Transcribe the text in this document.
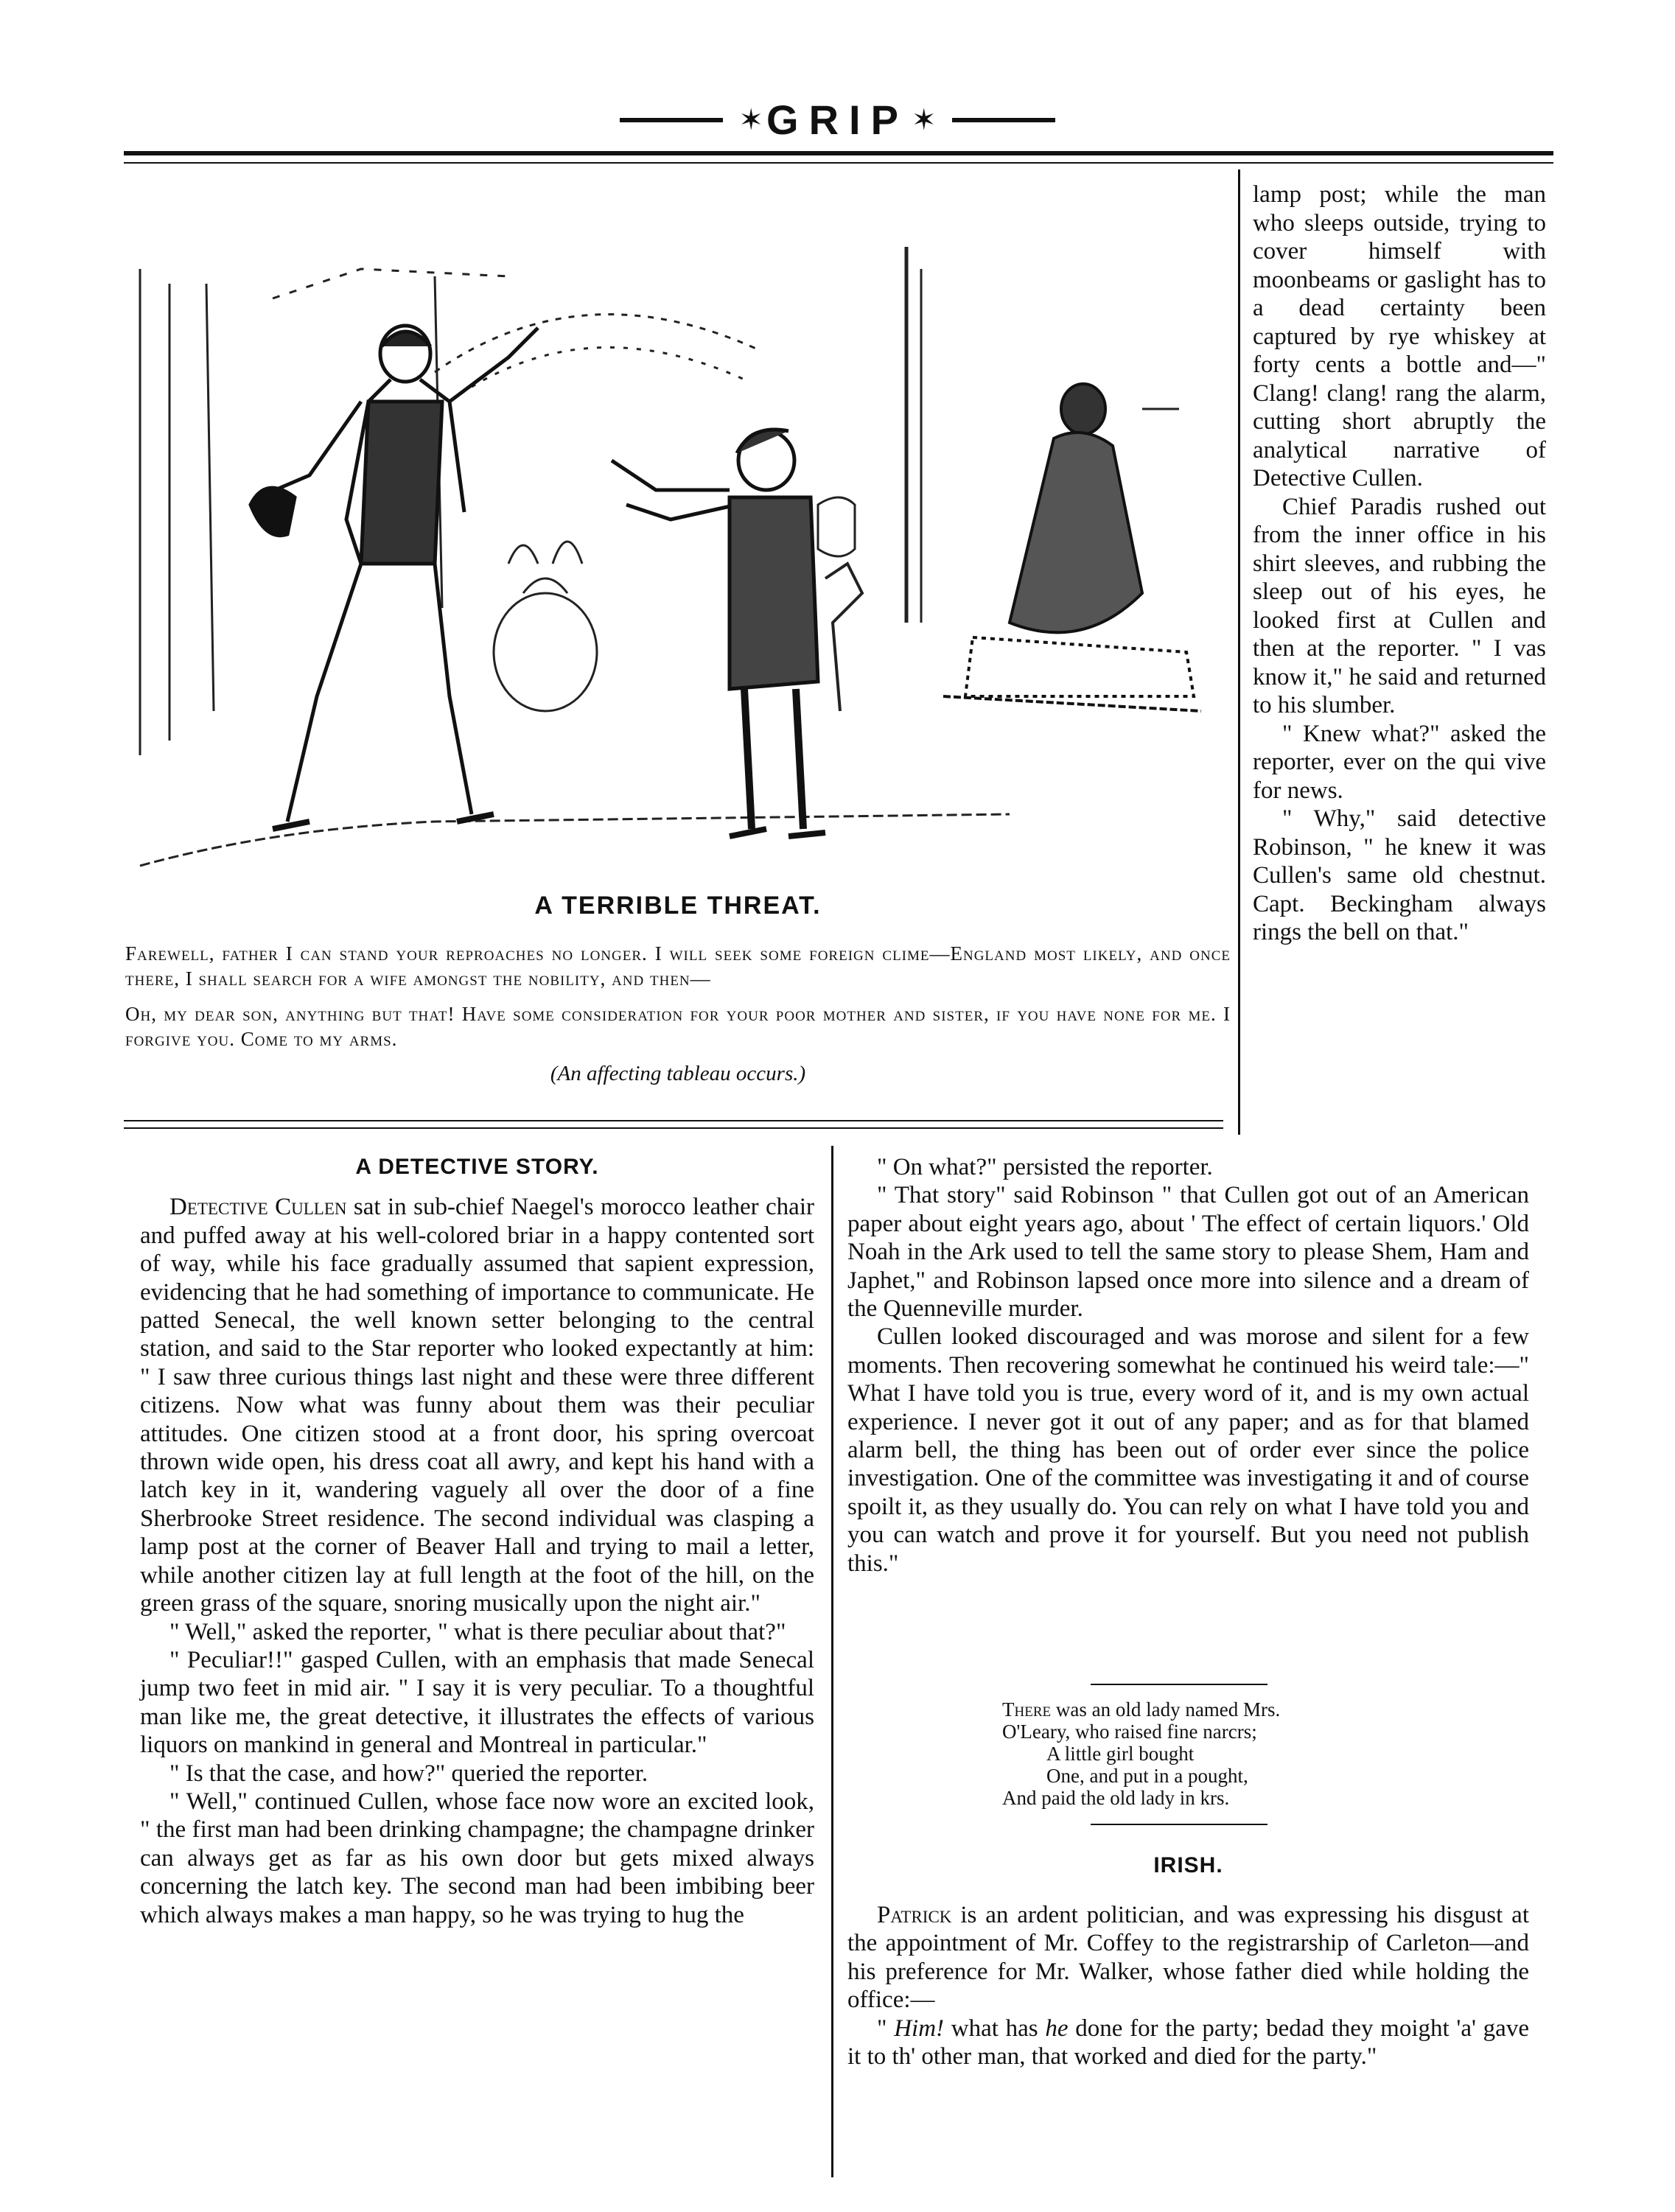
✶ GRIP ✶
A TERRIBLE THREAT.

Farewell, father I can stand your reproaches no longer. I will seek some foreign clime—England most likely, and once there, I shall search for a wife amongst the nobility, and then—

Oh, my dear son, anything but that! Have some consideration for your poor mother and sister, if you have none for me. I forgive you. Come to my arms.

(An affecting tableau occurs.)

lamp post; while the man who sleeps outside, trying to cover himself with moonbeams or gaslight has to a dead certainty been captured by rye whiskey at forty cents a bottle and—" Clang! clang! rang the alarm, cutting short abruptly the analytical narrative of Detective Cullen.

Chief Paradis rushed out from the inner office in his shirt sleeves, and rubbing the sleep out of his eyes, he looked first at Cullen and then at the reporter. " I vas know it," he said and returned to his slumber.

" Knew what?" asked the reporter, ever on the qui vive for news.

" Why," said detective Robinson, " he knew it was Cullen's same old chestnut. Capt. Beckingham always rings the bell on that."

A DETECTIVE STORY.

Detective Cullen sat in sub-chief Naegel's morocco leather chair and puffed away at his well-colored briar in a happy contented sort of way, while his face gradually assumed that sapient expression, evidencing that he had something of importance to communicate. He patted Senecal, the well known setter belonging to the central station, and said to the Star reporter who looked expectantly at him: " I saw three curious things last night and these were three different citizens. Now what was funny about them was their peculiar attitudes. One citizen stood at a front door, his spring overcoat thrown wide open, his dress coat all awry, and kept his hand with a latch key in it, wandering vaguely all over the door of a fine Sherbrooke Street residence. The second individual was clasping a lamp post at the corner of Beaver Hall and trying to mail a letter, while another citizen lay at full length at the foot of the hill, on the green grass of the square, snoring musically upon the night air."

" Well," asked the reporter, " what is there peculiar about that?"

" Peculiar!!" gasped Cullen, with an emphasis that made Senecal jump two feet in mid air. " I say it is very peculiar. To a thoughtful man like me, the great detective, it illustrates the effects of various liquors on mankind in general and Montreal in particular."

" Is that the case, and how?" queried the reporter.

" Well," continued Cullen, whose face now wore an excited look, " the first man had been drinking champagne; the champagne drinker can always get as far as his own door but gets mixed always concerning the latch key. The second man had been imbibing beer which always makes a man happy, so he was trying to hug the

" On what?" persisted the reporter.

" That story" said Robinson " that Cullen got out of an American paper about eight years ago, about ' The effect of certain liquors.' Old Noah in the Ark used to tell the same story to please Shem, Ham and Japhet," and Robinson lapsed once more into silence and a dream of the Quenneville murder.

Cullen looked discouraged and was morose and silent for a few moments. Then recovering somewhat he continued his weird tale:—" What I have told you is true, every word of it, and is my own actual experience. I never got it out of any paper; and as for that blamed alarm bell, the thing has been out of order ever since the police investigation. One of the committee was investigating it and of course spoilt it, as they usually do. You can rely on what I have told you and you can watch and prove it for yourself. But you need not publish this."

There was an old lady named Mrs.
O'Leary, who raised fine narcrs;
A little girl bought
One, and put in a pought,
And paid the old lady in krs.
IRISH.

Patrick is an ardent politician, and was expressing his disgust at the appointment of Mr. Coffey to the registrarship of Carleton—and his preference for Mr. Walker, whose father died while holding the office:—

" Him! what has he done for the party; bedad they moight 'a' gave it to th' other man, that worked and died for the party."
